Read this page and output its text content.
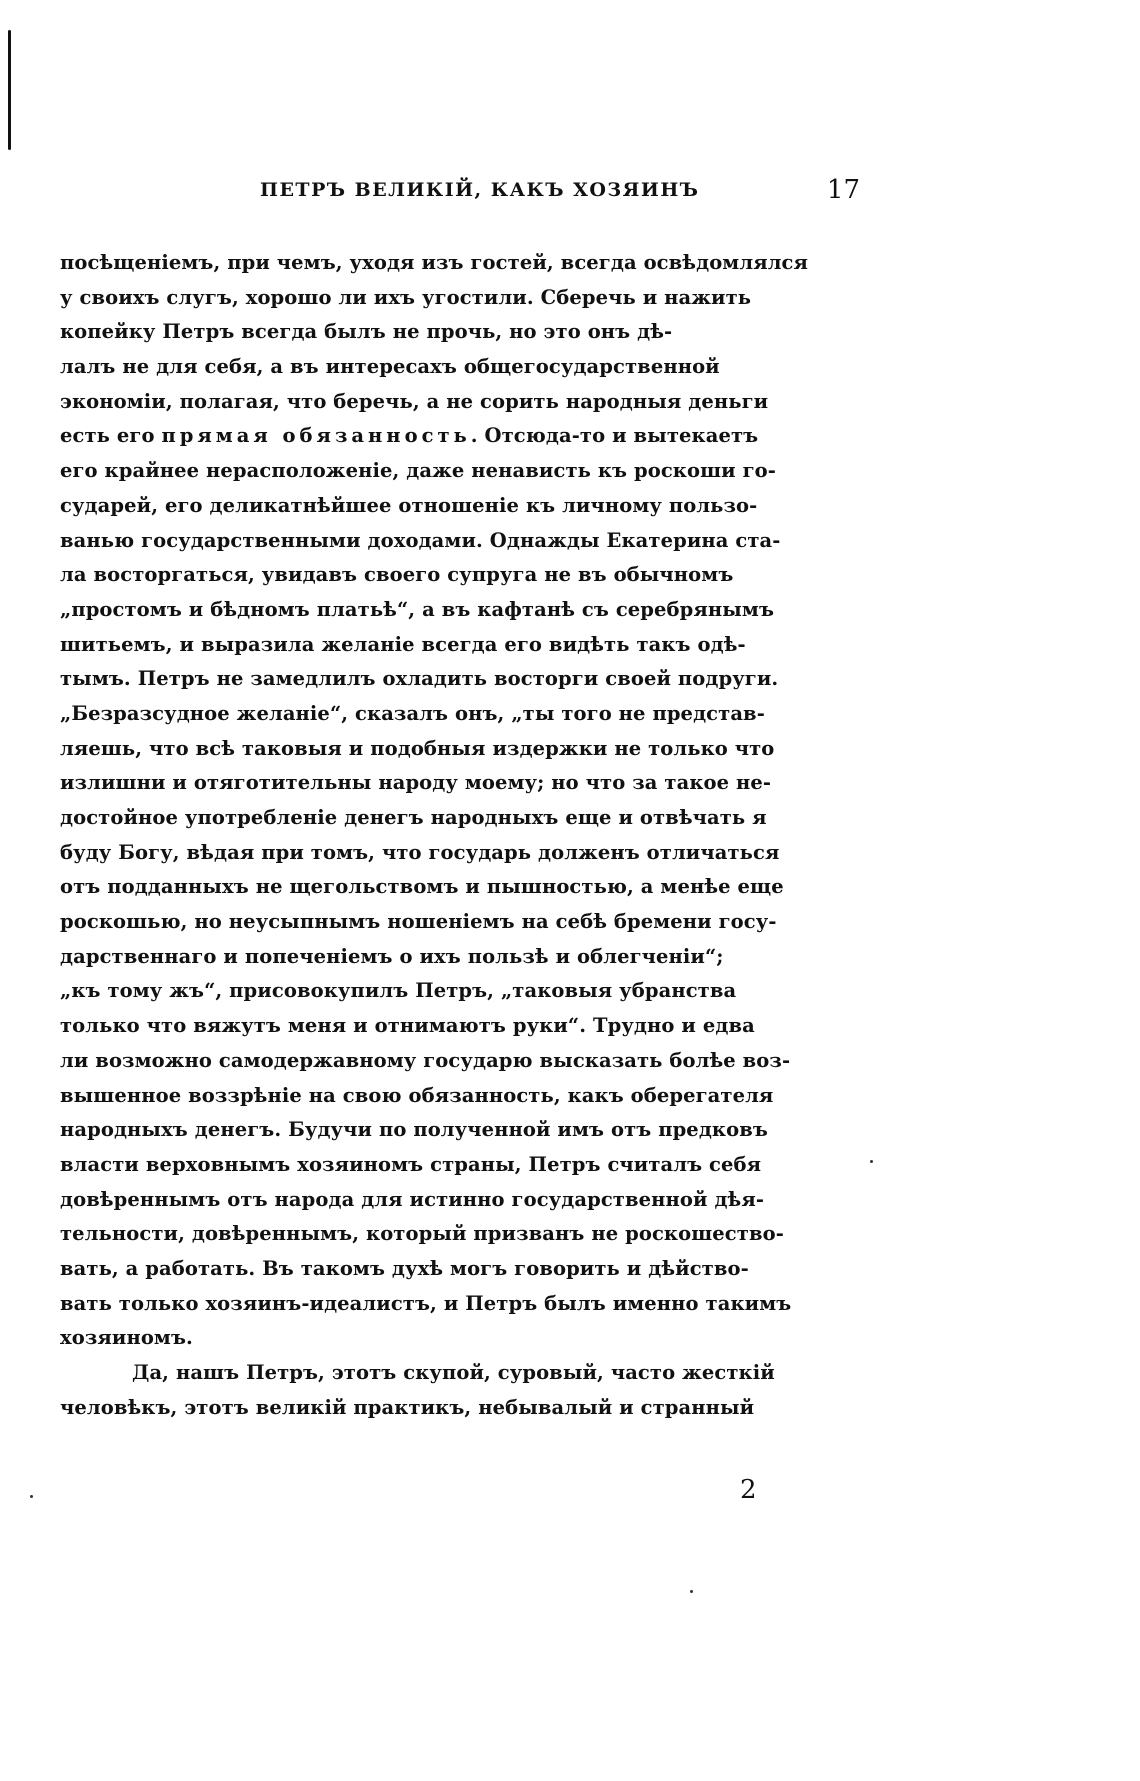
ПЕТРЪ ВЕЛИКІЙ, КАКЪ ХОЗЯИНЪ	17
посѣщеніемъ, при чемъ, уходя изъ гостей, всегда освѣдомлялся
у своихъ слугъ, хорошо ли ихъ угостили. Сберечь и нажить
копейку Петръ всегда былъ не прочь, но это онъ дѣ-
лалъ не для себя, а въ интересахъ общегосударственной
экономіи, полагая, что беречь, а не сорить народныя деньги
есть его прямая обязанность. Отсюда-то и вытекаетъ
его крайнее нерасположеніе, даже ненависть къ роскоши го-
сударей, его деликатнѣйшее отношеніе къ личному пользо-
ванью государственными доходами. Однажды Екатерина ста-
ла восторгаться, увидавъ своего супруга не въ обычномъ
„простомъ и бѣдномъ платьѣ“, а въ кафтанѣ съ серебрянымъ
шитьемъ, и выразила желаніе всегда его видѣть такъ одѣ-
тымъ. Петръ не замедлилъ охладить восторги своей подруги.
„Безразсудное желаніе“, сказалъ онъ, „ты того не представ-
ляешь, что всѣ таковыя и подобныя издержки не только что
излишни и отяготительны народу моему; но что за такое не-
достойное употребленіе денегъ народныхъ еще и отвѣчать я
буду Богу, вѣдая при томъ, что государь долженъ отличаться
отъ подданныхъ не щегольствомъ и пышностью, а менѣе еще
роскошью, но неусыпнымъ ношеніемъ на себѣ бремени госу-
дарственнаго и попеченіемъ о ихъ пользѣ и облегченіи“;
„къ тому жъ“, присовокупилъ Петръ, „таковыя убранства
только что вяжутъ меня и отнимаютъ руки“. Трудно и едва
ли возможно самодержавному государю высказать болѣе воз-
вышенное воззрѣніе на свою обязанность, какъ оберегателя
народныхъ денегъ. Будучи по полученной имъ отъ предковъ
власти верховнымъ хозяиномъ страны, Петръ считалъ себя
довѣреннымъ отъ народа для истинно государственной дѣя-
тельности, довѣреннымъ, который призванъ не роскошество-
вать, а работать. Въ такомъ духѣ могъ говорить и дѣйство-
вать только хозяинъ-идеалистъ, и Петръ былъ именно такимъ
хозяиномъ.
Да, нашъ Петръ, этотъ скупой, суровый, часто жесткій
человѣкъ, этотъ великій практикъ, небывалый и странный
2
